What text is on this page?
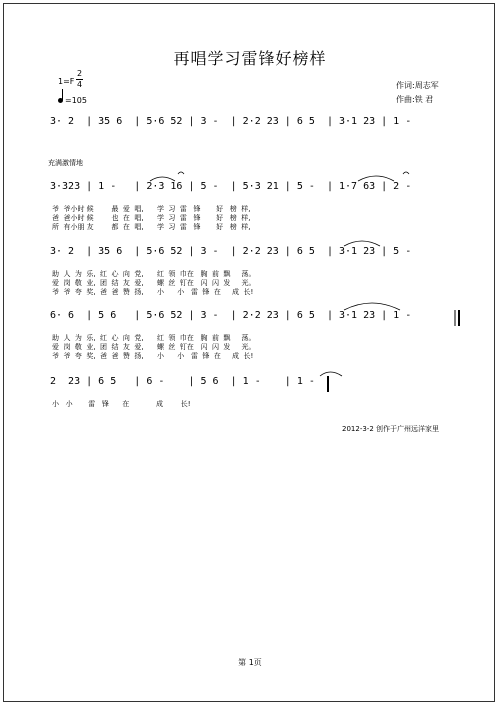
再唱学习雷锋好榜样
1=F
2
4
=105
作词:周志军
作曲:铁 君
充满激情地
3· 2  | 35 6  | 5·6 52 | 3 -  | 2·2 23 | 6 5  | 3·1 23 | 1 -
3·323 | 1 -   | 2·3 16 | 5 -  | 5·3 21 | 5 -  | 1·7 63 | 2 -
爷  爷小时 候        最  爱  唱,      学  习  雷   锋       好   榜  样,
爸  爸小时 候        也  在  唱,      学  习  雷   锋       好   榜  样,
所  有小朋 友        都  在  唱,      学  习  雷   锋       好   榜  样,
3· 2  | 35 6  | 5·6 52 | 3 -  | 2·2 23 | 6 5  | 3·1 23 | 5 -
助  人  为  乐,  红  心  向  党,      红  领  巾在   胸  前  飘     荡。
爱  岗  敬  业,  团  结  友  爱,      螺  丝  钉在   闪  闪  发     光。
爷  爷  夸  奖,  爸  爸  赞  扬,      小      小   雷  锋  在     成  长!
6· 6  | 5 6   | 5·6 52 | 3 -  | 2·2 23 | 6 5  | 3·1 23 | 1 -
助  人  为  乐,  红  心  向  党,      红  领  巾在   胸  前  飘     荡。
爱  岗  敬  业,  团  结  友  爱,      螺  丝  钉在   闪  闪  发     光。
爷  爷  夸  奖,  爸  爸  赞  扬,      小      小   雷  锋  在     成  长!
2  23 | 6 5   | 6 -    | 5 6  | 1 -    | 1 -
小   小       雷   锋      在            成        长!
2012-3-2 创作于广州远洋家里
第 1页
